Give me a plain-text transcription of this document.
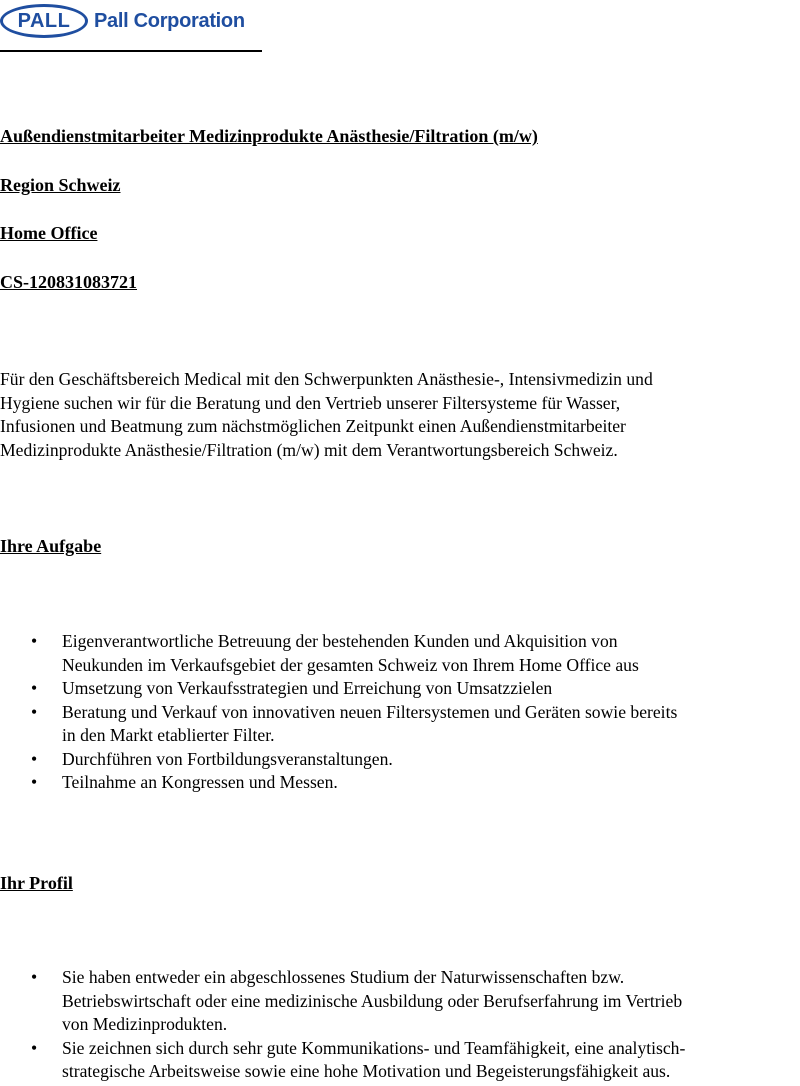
PALL	Pall Corporation
Außendienstmitarbeiter Medizinprodukte Anästhesie/Filtration (m/w)
Region Schweiz
Home Office
CS-120831083721
Für den Geschäftsbereich Medical mit den Schwerpunkten Anästhesie-, Intensivmedizin und
Hygiene suchen wir für die Beratung und den Vertrieb unserer Filtersysteme für Wasser,
Infusionen und Beatmung zum nächstmöglichen Zeitpunkt einen Außendienstmitarbeiter
Medizinprodukte Anästhesie/Filtration (m/w) mit dem Verantwortungsbereich Schweiz.
Ihre Aufgabe
• Eigenverantwortliche Betreuung der bestehenden Kunden und Akquisition von
Neukunden im Verkaufsgebiet der gesamten Schweiz von Ihrem Home Office aus
• Umsetzung von Verkaufsstrategien und Erreichung von Umsatzzielen
• Beratung und Verkauf von innovativen neuen Filtersystemen und Geräten sowie bereits
in den Markt etablierter Filter.
• Durchführen von Fortbildungsveranstaltungen.
• Teilnahme an Kongressen und Messen.
Ihr Profil
• Sie haben entweder ein abgeschlossenes Studium der Naturwissenschaften bzw.
Betriebswirtschaft oder eine medizinische Ausbildung oder Berufserfahrung im Vertrieb
von Medizinprodukten.
• Sie zeichnen sich durch sehr gute Kommunikations- und Teamfähigkeit, eine analytisch-
strategische Arbeitsweise sowie eine hohe Motivation und Begeisterungsfähigkeit aus.
